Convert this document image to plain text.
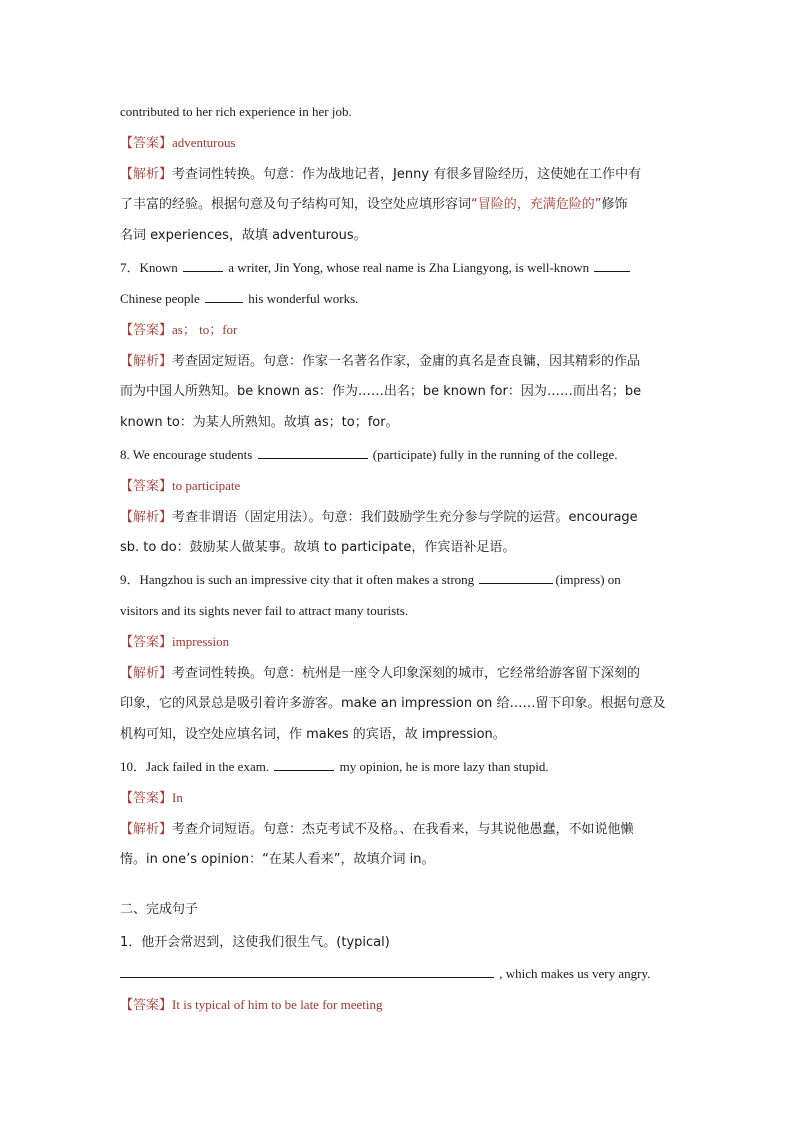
contributed to her rich experience in her job.
【答案】adventurous
【解析】考查词性转换。句意：作为战地记者，Jenny 有很多冒险经历，这使她在工作中有
了丰富的经验。根据句意及句子结构可知，设空处应填形容词“冒险的，充满危险的”修饰
名词 experiences，故填 adventurous。
7．Known	a writer, Jin Yong, whose real name is Zha Liangyong, is well-known
Chinese people	his wonderful works.
【答案】as； to；for
【解析】考查固定短语。句意：作家一名著名作家，金庸的真名是查良镛，因其精彩的作品
而为中国人所熟知。be known as：作为……出名；be known for：因为……而出名；be
known to：为某人所熟知。故填 as；to；for。
8. We encourage students	(participate) fully in the running of the college.
【答案】to participate
【解析】考查非谓语（固定用法）。句意：我们鼓励学生充分参与学院的运营。encourage
sb. to do：鼓励某人做某事。故填 to participate，作宾语补足语。
9．Hangzhou is such an impressive city that it often makes a strong	(impress) on
visitors and its sights never fail to attract many tourists.
【答案】impression
【解析】考查词性转换。句意：杭州是一座令人印象深刻的城市，它经常给游客留下深刻的
印象，它的风景总是吸引着许多游客。make an impression on 给……留下印象。根据句意及
机构可知，设空处应填名词，作 makes 的宾语，故 impression。
10．Jack failed in the exam.	my opinion, he is more lazy than stupid.
【答案】In
【解析】考查介词短语。句意：杰克考试不及格。、在我看来，与其说他愚蠢，不如说他懒
惰。in one’s opinion：“在某人看来”，故填介词 in。
二、完成句子
1．他开会常迟到，这使我们很生气。(typical)
, which makes us very angry.
【答案】It is typical of him to be late for meeting
